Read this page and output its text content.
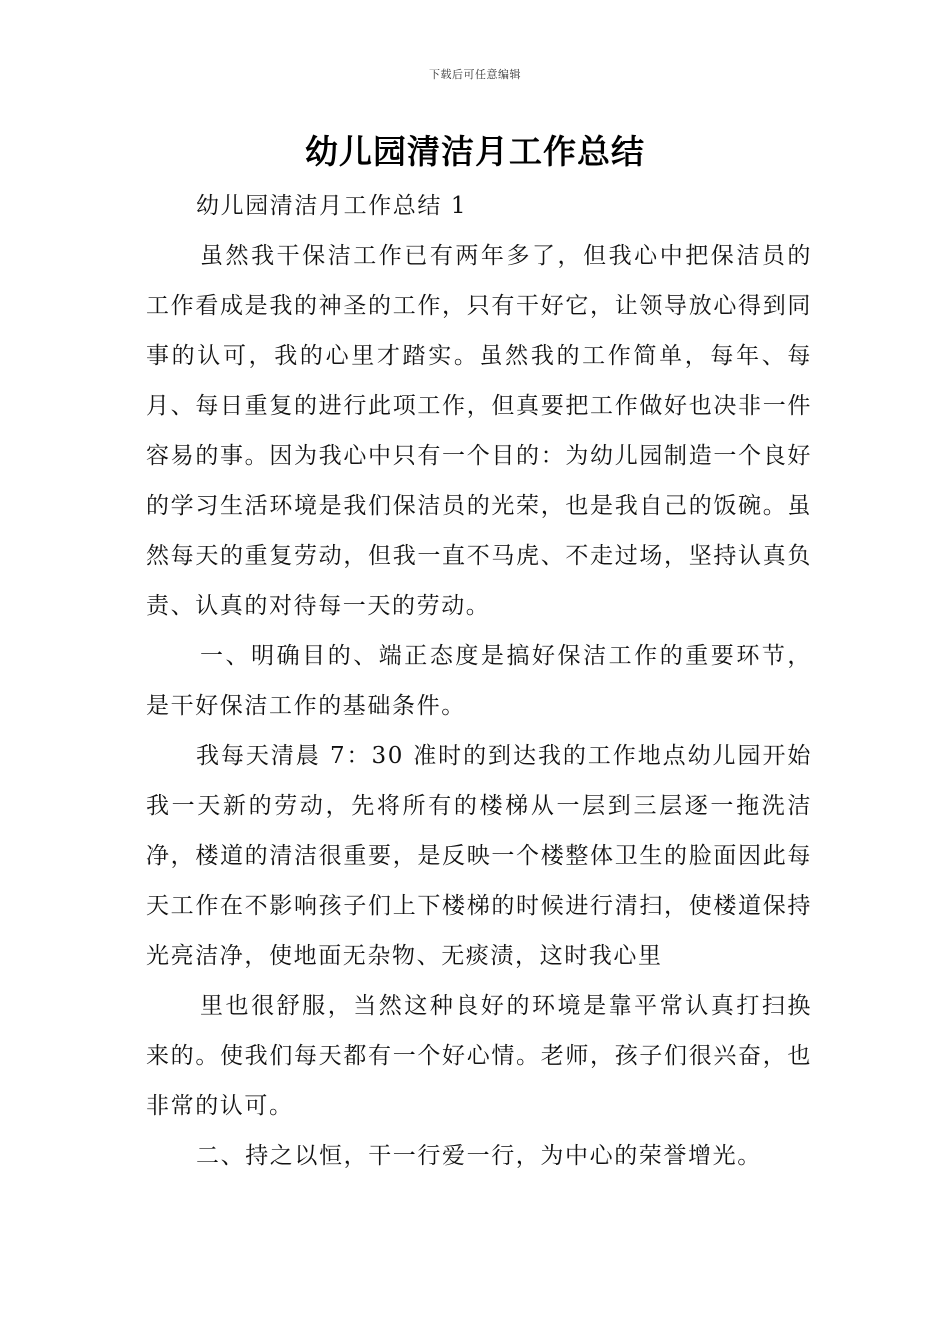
下载后可任意编辑
幼儿园清洁月工作总结

幼儿园清洁月工作总结 1

虽然我干保洁工作已有两年多了，但我心中把保洁员的工作看成是我的神圣的工作，只有干好它，让领导放心得到同事的认可，我的心里才踏实。虽然我的工作简单，每年、每月、每日重复的进行此项工作，但真要把工作做好也决非一件容易的事。因为我心中只有一个目的：为幼儿园制造一个良好的学习生活环境是我们保洁员的光荣，也是我自己的饭碗。虽然每天的重复劳动，但我一直不马虎、不走过场，坚持认真负责、认真的对待每一天的劳动。

一、明确目的、端正态度是搞好保洁工作的重要环节，是干好保洁工作的基础条件。

我每天清晨 7：30 准时的到达我的工作地点幼儿园开始我一天新的劳动，先将所有的楼梯从一层到三层逐一拖洗洁净，楼道的清洁很重要，是反映一个楼整体卫生的脸面因此每天工作在不影响孩子们上下楼梯的时候进行清扫，使楼道保持光亮洁净，使地面无杂物、无痰渍，这时我心里

里也很舒服，当然这种良好的环境是靠平常认真打扫换来的。使我们每天都有一个好心情。老师，孩子们很兴奋，也非常的认可。

二、持之以恒，干一行爱一行，为中心的荣誉增光。
